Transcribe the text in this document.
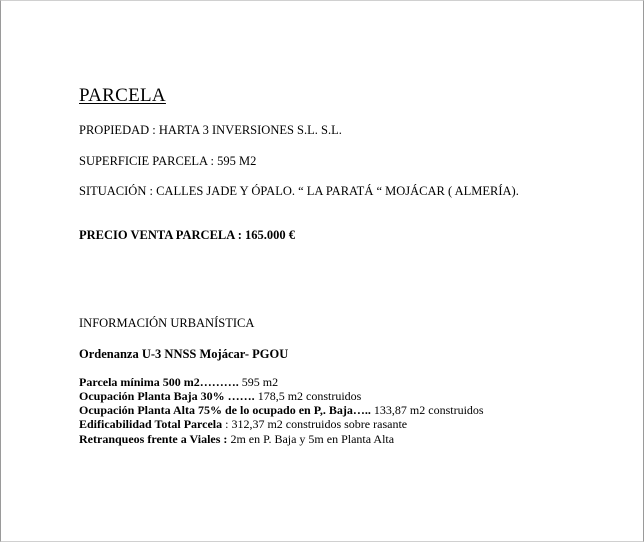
PARCELA
PROPIEDAD : HARTA 3 INVERSIONES S.L. S.L.
SUPERFICIE PARCELA : 595 M2
SITUACIÓN : CALLES JADE Y ÓPALO. “ LA PARATÁ “ MOJÁCAR ( ALMERÍA).
PRECIO VENTA PARCELA : 165.000 €
INFORMACIÓN URBANÍSTICA
Ordenanza U-3 NNSS Mojácar- PGOU
Parcela mínima 500 m2………. 595 m2
Ocupación Planta Baja 30% ……. 178,5 m2 construidos
Ocupación Planta Alta 75% de lo ocupado en P,. Baja….. 133,87 m2 construidos
Edificabilidad Total Parcela : 312,37 m2 construidos sobre rasante
Retranqueos frente a Viales : 2m en P. Baja y 5m en Planta Alta
